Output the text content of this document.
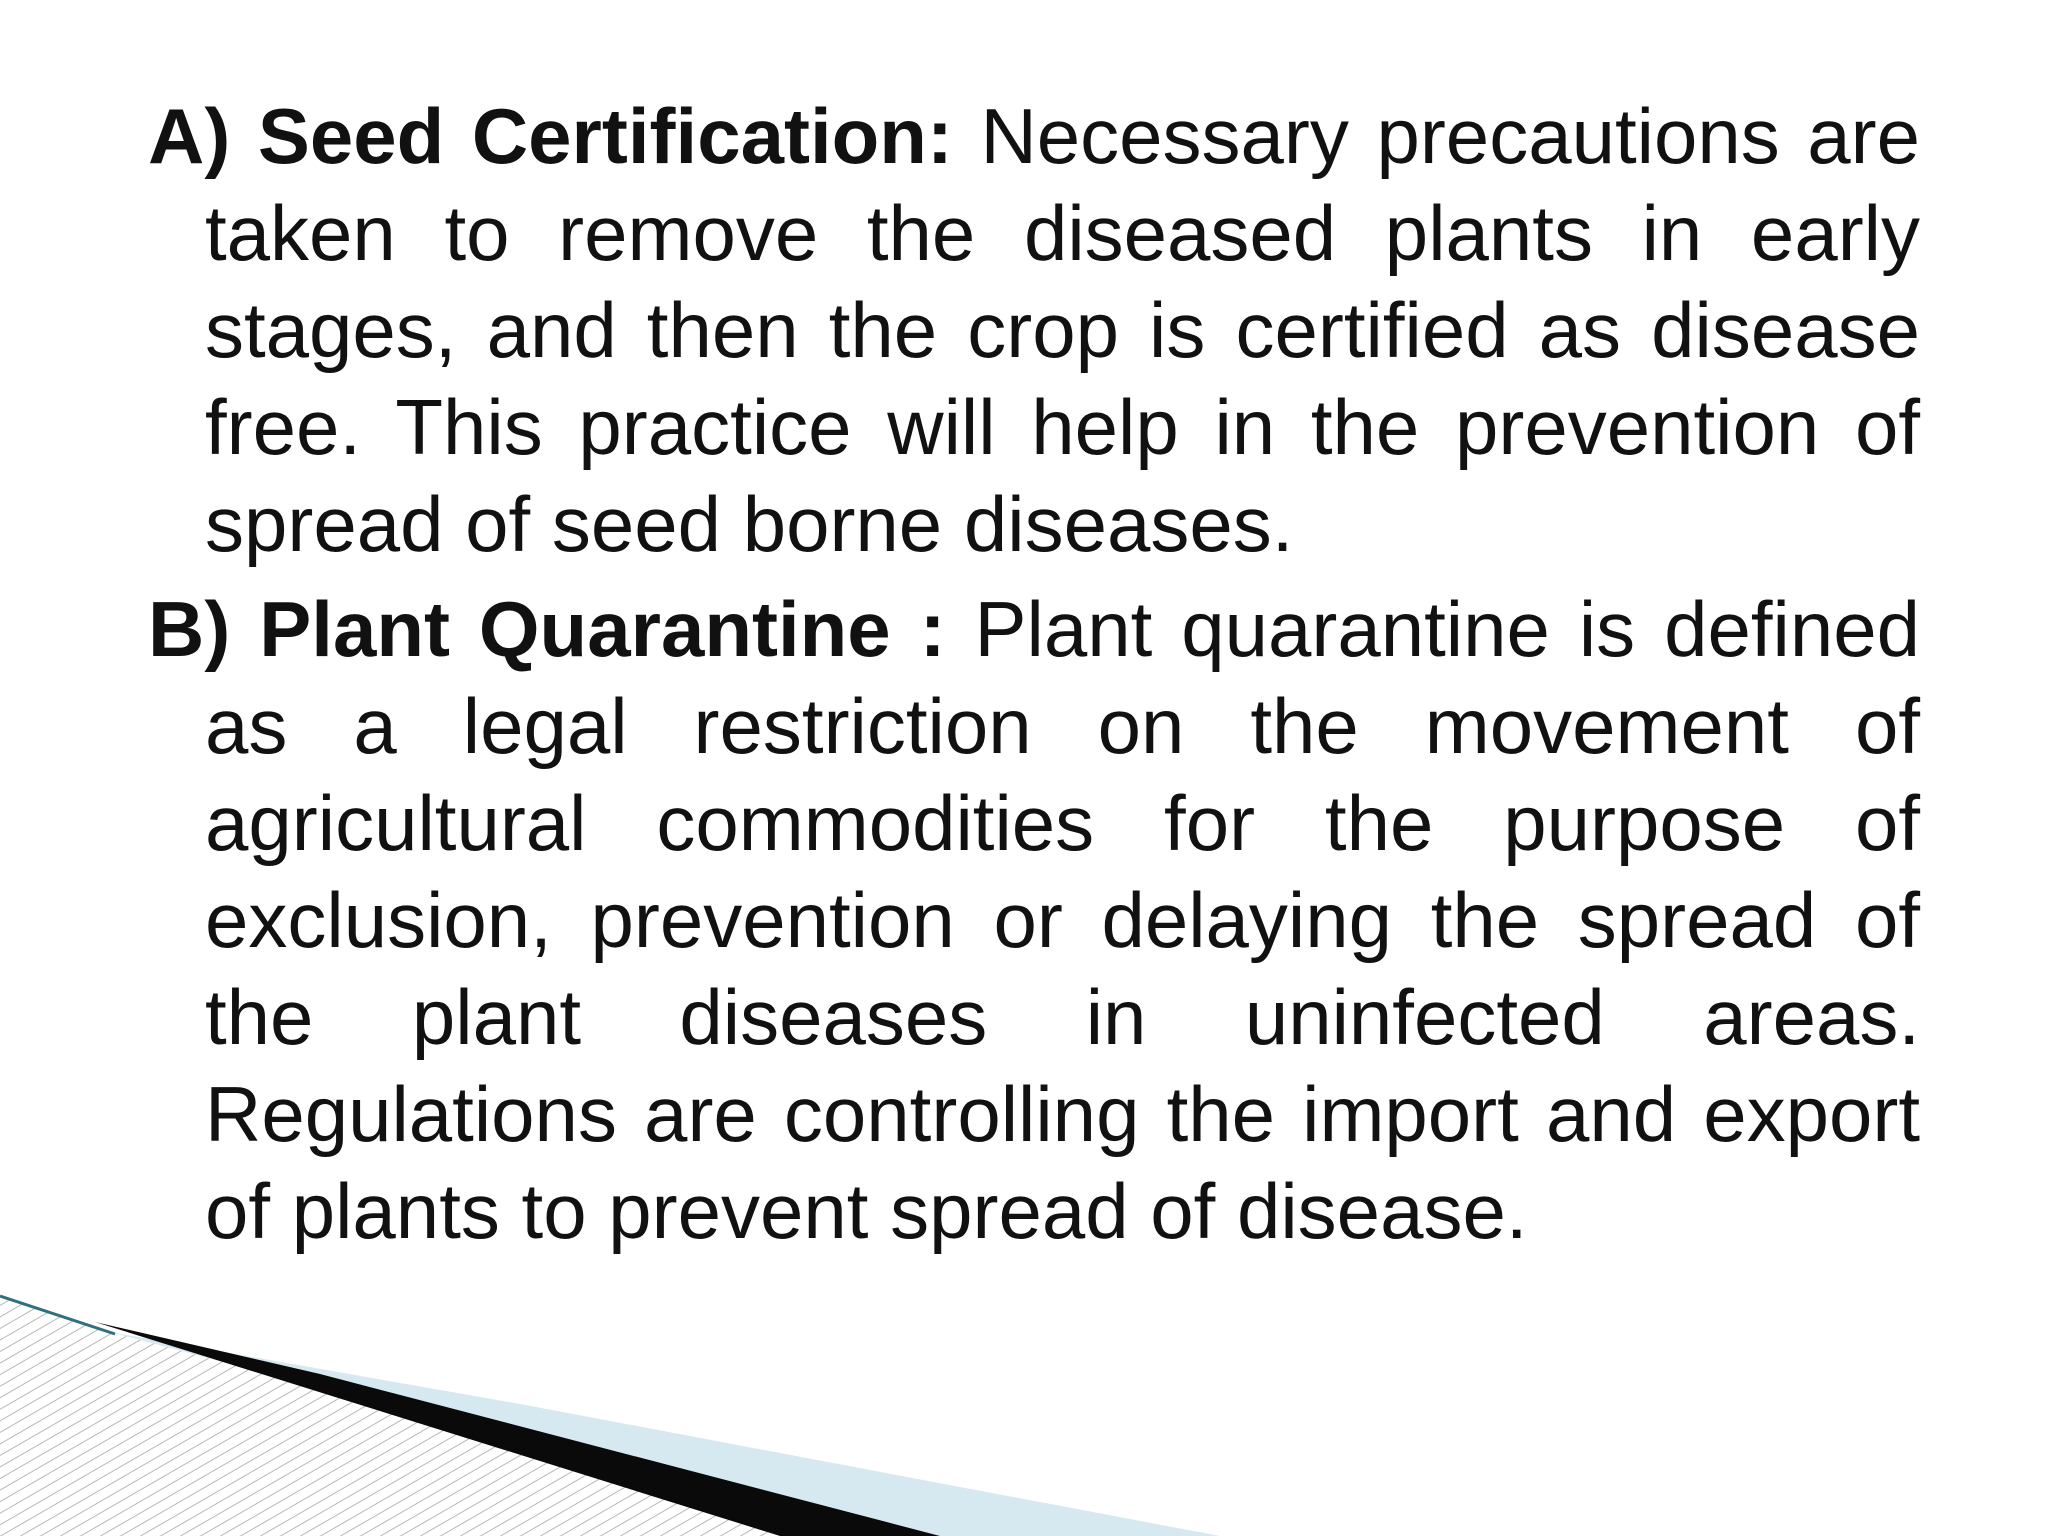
A) Seed Certification: Necessary precautions are taken to remove the diseased plants in early stages, and then the crop is certified as disease free. This practice will help in the prevention of spread of seed borne diseases.

B) Plant Quarantine : Plant quarantine is defined as a legal restriction on the movement of agricultural commodities for the purpose of exclusion, prevention or delaying the spread of the plant diseases in uninfected areas. Regulations are controlling the import and export of plants to prevent spread of disease.
